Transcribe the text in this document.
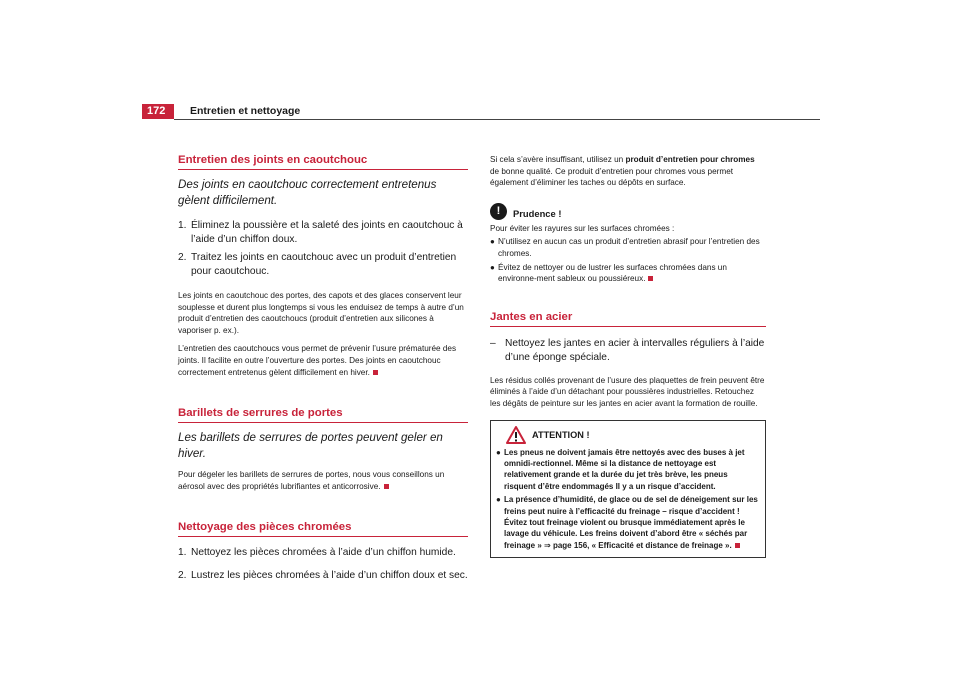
172	Entretien et nettoyage
Entretien des joints en caoutchouc
Des joints en caoutchouc correctement entretenus gèlent difficilement.
1. Éliminez la poussière et la saleté des joints en caoutchouc à l’aide d’un chiffon doux.
2. Traitez les joints en caoutchouc avec un produit d’entretien pour caoutchouc.

Les joints en caoutchouc des portes, des capots et des glaces conservent leur souplesse et durent plus longtemps si vous les enduisez de temps à autre d’un produit d’entretien des caoutchoucs (produit d’entretien aux silicones à vaporiser p. ex.).

L’entretien des caoutchoucs vous permet de prévenir l’usure prématurée des joints. Il facilite en outre l’ouverture des portes. Des joints en caoutchouc correctement entretenus gèlent difficilement en hiver.

Barillets de serrures de portes
Les barillets de serrures de portes peuvent geler en hiver.

Pour dégeler les barillets de serrures de portes, nous vous conseillons un aérosol avec des propriétés lubrifiantes et anticorrosive.

Nettoyage des pièces chromées
1. Nettoyez les pièces chromées à l’aide d’un chiffon humide.
2. Lustrez les pièces chromées à l’aide d’un chiffon doux et sec.

Si cela s’avère insuffisant, utilisez un produit d’entretien pour chromes de bonne qualité. Ce produit d’entretien pour chromes vous permet également d’éliminer les taches ou dépôts en surface.

!	Prudence !

Pour éviter les rayures sur les surfaces chromées :

● N’utilisez en aucun cas un produit d’entretien abrasif pour l’entretien des chromes.
● Évitez de nettoyer ou de lustrer les surfaces chromées dans un environne-ment sableux ou poussiéreux.
Jantes en acier
– Nettoyez les jantes en acier à intervalles réguliers à l’aide d’une éponge spéciale.

Les résidus collés provenant de l’usure des plaquettes de frein peuvent être éliminés à l’aide d’un détachant pour poussières industrielles. Retouchez les dégâts de peinture sur les jantes en acier avant la formation de rouille.

ATTENTION !
● Les pneus ne doivent jamais être nettoyés avec des buses à jet omnidi-rectionnel. Même si la distance de nettoyage est relativement grande et la durée du jet très brève, les pneus risquent d’être endommagés Il y a un risque d’accident.
● La présence d’humidité, de glace ou de sel de déneigement sur les freins peut nuire à l’efficacité du freinage – risque d’accident ! Évitez tout freinage violent ou brusque immédiatement après le lavage du véhicule. Les freins doivent d’abord être « séchés par freinage » ⇒ page 156, « Efficacité et distance de freinage ».
